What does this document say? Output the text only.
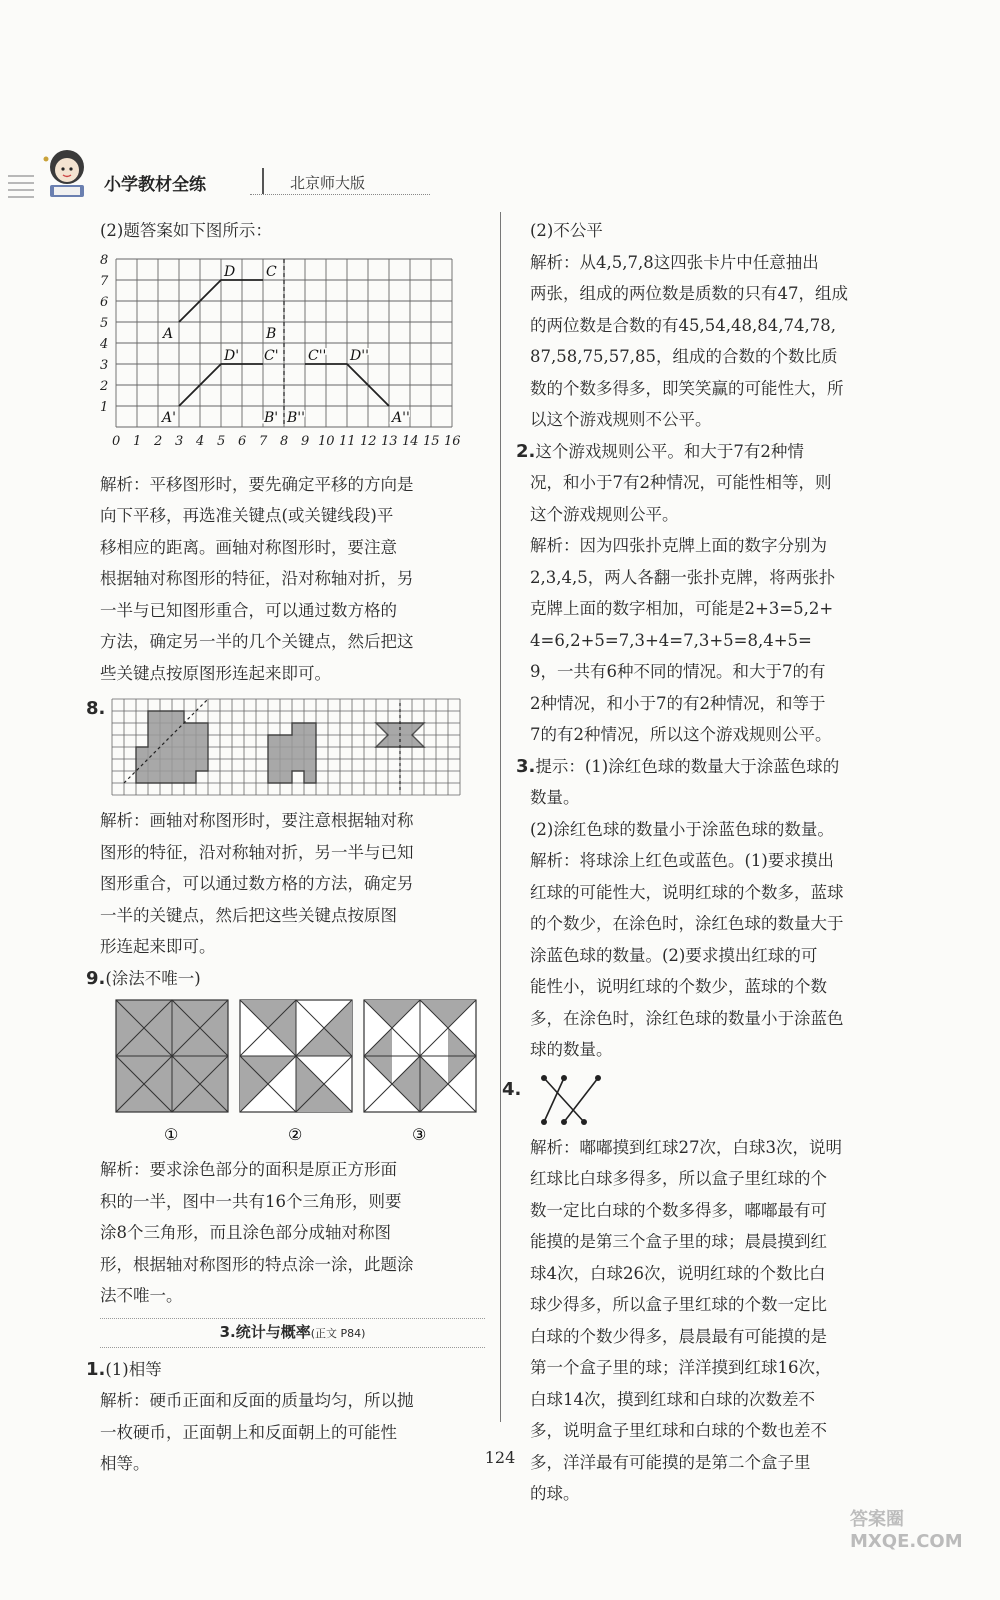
小学教材全练	北京师大版

(2)题答案如下图所示：

0 1 2 3 4 5 6 7 8 9 10 11 12 13 14 15 16
1
2
3
4
5
6
7
8
A
D C
B
D' C'
A'	B'
C'' D''
B''	A''

解析：平移图形时，要先确定平移的方向是

向下平移，再选准关键点(或关键线段)平

移相应的距离。画轴对称图形时，要注意

根据轴对称图形的特征，沿对称轴对折，另

一半与已知图形重合，可以通过数方格的

方法，确定另一半的几个关键点，然后把这

些关键点按原图形连起来即可。

8.

解析：画轴对称图形时，要注意根据轴对称

图形的特征，沿对称轴对折，另一半与已知

图形重合，可以通过数方格的方法，确定另

一半的关键点，然后把这些关键点按原图

形连起来即可。

9.(涂法不唯一)

①	②	③

解析：要求涂色部分的面积是原正方形面

积的一半，图中一共有16个三角形，则要

涂8个三角形，而且涂色部分成轴对称图

形，根据轴对称图形的特点涂一涂，此题涂

法不唯一。

3.统计与概率(正文 P84)

1.(1)相等

解析：硬币正面和反面的质量均匀，所以抛

一枚硬币，正面朝上和反面朝上的可能性

相等。

(2)不公平

解析：从4,5,7,8这四张卡片中任意抽出

两张，组成的两位数是质数的只有47，组成

的两位数是合数的有45,54,48,84,74,78,

87,58,75,57,85，组成的合数的个数比质

数的个数多得多，即笑笑赢的可能性大，所

以这个游戏规则不公平。

2.这个游戏规则公平。和大于7有2种情

况，和小于7有2种情况，可能性相等，则

这个游戏规则公平。

解析：因为四张扑克牌上面的数字分别为

2,3,4,5，两人各翻一张扑克牌，将两张扑

克牌上面的数字相加，可能是2+3=5,2+

4=6,2+5=7,3+4=7,3+5=8,4+5=

9，一共有6种不同的情况。和大于7的有

2种情况，和小于7的有2种情况，和等于

7的有2种情况，所以这个游戏规则公平。

3.提示：(1)涂红色球的数量大于涂蓝色球的

数量。

(2)涂红色球的数量小于涂蓝色球的数量。

解析：将球涂上红色或蓝色。(1)要求摸出

红球的可能性大，说明红球的个数多，蓝球

的个数少，在涂色时，涂红色球的数量大于

涂蓝色球的数量。(2)要求摸出红球的可

能性小，说明红球的个数少，蓝球的个数

多，在涂色时，涂红色球的数量小于涂蓝色

球的数量。

4.

解析：嘟嘟摸到红球27次，白球3次，说明

红球比白球多得多，所以盒子里红球的个

数一定比白球的个数多得多，嘟嘟最有可

能摸的是第三个盒子里的球；晨晨摸到红

球4次，白球26次，说明红球的个数比白

球少得多，所以盒子里红球的个数一定比

白球的个数少得多，晨晨最有可能摸的是

第一个盒子里的球；洋洋摸到红球16次，

白球14次，摸到红球和白球的次数差不

多，说明盒子里红球和白球的个数也差不

多，洋洋最有可能摸的是第二个盒子里

的球。

124
答案圈 MXQE.COM
